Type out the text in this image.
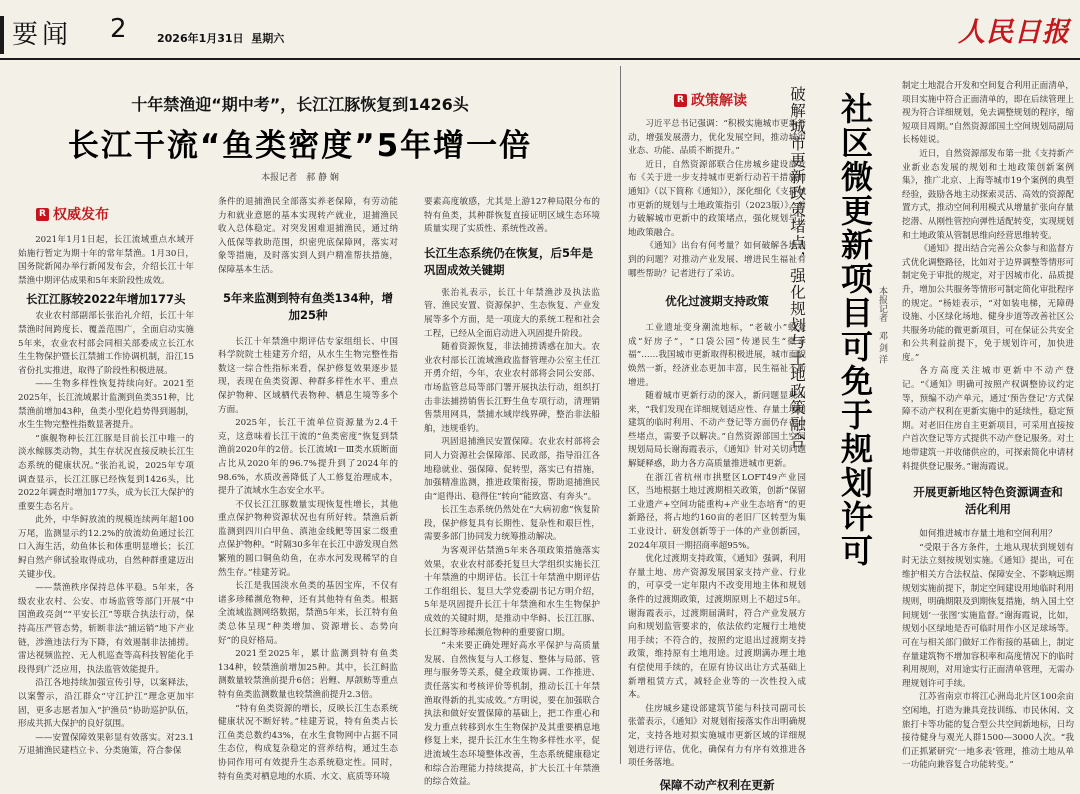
要闻 2	2026年1月31日 星期六	人民日报
十年禁渔迎“期中考”，长江江豚恢复到1426头
长江干流“鱼类密度”5年增一倍
本报记者　郝 静 娴
R 权威发布

2021年1月1日起，长江流域重点水域开始施行暂定为期十年的常年禁渔。1月30日，国务院新闻办举行新闻发布会，介绍长江十年禁渔中期评估成果和5年来阶段性成效。

长江江豚较2022年增加177头

农业农村部副部长张治礼介绍，长江十年禁渔时间跨度长、覆盖范围广，全面启动实施5年来，农业农村部会同相关部委成立长江水生生物保护暨长江禁捕工作协调机制，沿江15省份扎实推进，取得了阶段性积极进展。

——生物多样性恢复持续向好。2021至2025年，长江流域累计监测到鱼类351种，比禁渔前增加43种，鱼类小型化趋势得到遏制，水生生物完整性指数显著提升。

“旗舰物种长江江豚是目前长江中唯一的淡水鲸豚类动物，其生存状况直接反映长江生态系统的健康状况。”张治礼说，2025年专项调查显示，长江江豚已经恢复到1426头，比2022年调查时增加177头，成为长江大保护的重要生态名片。

此外，中华鲟放流的规模连续两年超100万尾，监测显示约12.2%的放流幼鱼通过长江口入海生活，幼鱼体长和体重明显增长；长江鲟自然产卵试验取得成功，自然种群重建迈出关键步伐。

——禁渔秩序保持总体平稳。5年来，各级农业农村、公安、市场监管等部门开展“中国渔政亮剑”“平安长江”等联合执法行动，保持高压严管态势，斩断非法“捕运销”地下产业链，涉渔违法行为下降，有效遏制非法捕捞。雷达视频监控、无人机巡查等高科技智能化手段得到广泛应用，执法监管效能提升。

沿江各地持续加强宣传引导，以案释法，以案警示，沿江群众“守江护江”理念更加牢固，更多志愿者加入“护渔员”协助巡护队伍，形成共抓大保护的良好氛围。

——安置保障效果彰显有效落实。对23.1万退捕渔民建档立卡、分类施策，符合参保

条件的退捕渔民全部落实养老保障，有劳动能力和就业意愿的基本实现转产就业，退捕渔民收入总体稳定。对突发困难退捕渔民，通过纳入低保等救助范围，织密兜底保障网，落实对象等措施，及时落实到人到户精准帮扶措施，保障基本生活。

5年来监测到特有鱼类134种，增加25种

长江十年禁渔中期评估专家组组长、中国科学院院士桂建芳介绍，从水生生物完整性指数这一综合性指标来看，保护修复效果逐步显现，表现在鱼类资源、种群多样性水平、重点保护物种、区域栖代表物种、栖息生境等多个方面。

2025年，长江干流单位资源量为2.4千克，这意味着长江干流的“鱼类密度”恢复到禁渔前2020年的2倍。长江流域Ⅰ－Ⅲ类水质断面占比从2020年的96.7%提升到了2024年的98.6%，水质改善降低了人工修复治理成本，提升了流域水生态安全水平。

不仅长江江豚数量实现恢复性增长，其他重点保护物种资源状况也有所好转。禁渔后新监测到四川白甲鱼、滇池金线鲃等国家二级重点保护物种。“时隔30多年在长江中游发现自然繁殖的圆口铜鱼幼鱼，在赤水河发现稀罕的自然生存。”桂建芳说。

长江是我国淡水鱼类的基因宝库，不仅有诸多珍稀濒危物种，还有其他特有鱼类。根据全流域监测网络数据，禁渔5年来，长江特有鱼类总体呈现“种类增加、资源增长、态势向好”的良好格局。

2021至2025年，累计监测到特有鱼类134种，较禁渔前增加25种。其中，长江鲟监测数量较禁渔前提升6倍；岩鲤、厚颌鲂等重点特有鱼类监测数量也较禁渔前提升2.3倍。

“特有鱼类资源的增长，反映长江生态系统健康状况不断好转。”桂建芳说，特有鱼类占长江鱼类总数约43%，在水生食物网中占据不同生态位，构成复杂稳定的营养结构，通过生态协同作用可有效提升生态系统稳定性。同时，特有鱼类对栖息地的水质、水文、底质等环境

要素高度敏感，尤其是上游127种局限分布的特有鱼类，其种群恢复直接证明区域生态环境质量实现了实质性、系统性改善。

长江生态系统仍在恢复，后5年是巩固成效关键期

张治礼表示，长江十年禁渔涉及执法监管、渔民安置、资源保护、生态恢复、产业发展等多个方面，是一项庞大的系统工程和社会工程，已经从全面启动进入巩固提升阶段。

随着资源恢复，非法捕捞诱惑在加大。农业农村部长江流域渔政监督管理办公室主任江开勇介绍，今年，农业农村部将会同公安部、市场监管总局等部门署开展执法行动，组织打击非法捕捞销售长江野生鱼专项行动，清理销售禁用网具，禁捕水域岸线界碑，整治非法船舶，违规垂钓。

巩固退捕渔民安置保障。农业农村部将会同人力资源社会保障部、民政部，指导沿江各地稳就业、强保障、促转型，落实已有措施，加强精准监测，推进政策衔接，帮助退捕渔民由“退得出、稳得住”转向“能致富、有奔头”。

长江生态系统仍然处在“大病初愈”恢复阶段，保护修复具有长期性、复杂性和艰巨性，需要多部门协同发力统筹推动解决。

为客观评估禁渔5年来各项政策措施落实效果，农业农村部委托复旦大学组织实施长江十年禁渔的中期评估。长江十年禁渔中期评估工作组组长、复旦大学党委副书记方明介绍，5年是巩固提升长江十年禁渔和水生生物保护成效的关键时期，是推动中华鲟、长江江豚、长江鲟等珍稀濒危物种的重要窗口期。

“未来要正确处理好高水平保护与高质量发展、自然恢复与人工修复、整体与局部、管理与服务等关系，健全政策协调、工作推进、责任落实和考核评价等机制，推动长江十年禁渔取得新的扎实成效。”方明说，要在加强联合执法和做好安置保障的基础上，把工作重心和发力重点转移到水生生物保护及其重要栖息地修复上来，提升长江水生生物多样性水平，促进流域生态环境整体改善，生态系统健康稳定和综合治理能力持续提高，扩大长江十年禁渔的综合效益。

R 政策解读	破解城市更新政策堵点，强化规划与土地政策融合 社区微更新项目可免于规划许可 本报记者　邓 剑 洋

习近平总书记强调：“积极实施城市更新行动，增强发展潜力，优化发展空间，推动城市业态、功能、品质不断提升。”

近日，自然资源部联合住房城乡建设部发布《关于进一步支持城市更新行动若干措施的通知》（以下简称《通知》），深化细化《支持城市更新的规划与土地政策指引（2023版）》，着力破解城市更新中的政策堵点，强化规划与土地政策融合。

《通知》出台有何考量？如何破解各地遇到的问题？对推动产业发展、增进民生福祉有哪些帮助？记者进行了采访。

优化过渡期支持政策

工业遗址变身潮流地标，“老破小”蜕变成“好房子”，“口袋公园”传递民生“微幸福”……我国城市更新取得积极进展，城市面貌焕然一新，经济业态更加丰富，民生福祉不断增进。

随着城市更新行动的深入，新问题显现出来，“我们发现在详细规划适应性、存量土地和建筑的临时利用、不动产登记等方面仍存在一些堵点，需要予以解决。”自然资源部国土空间规划局局长谢海霞表示，《通知》针对关切问题解疑释惑，助力各方高质量推进城市更新。

在浙江省杭州市拱墅区LOFT49产业园区，当地根据土地过渡期相关政策，创新“保留工业遗产+空间功能重构+产业生态培育”的更新路径，将占地约160亩的老旧厂区转型为集工业设计、研发创新等于一体的产业创新园，2024年项目一期招商率超95%。

优化过渡期支持政策，《通知》强调，利用存量土地、房产资源发展国家支持产业、行业的，可享受一定年限内不改变用地主体和规划条件的过渡期政策，过渡期原则上不超过5年。谢海霞表示，过渡期届满时，符合产业发展方向和规划监管要求的，依法依约定履行土地使用手续；不符合的，按照约定退出过渡期支持政策，维持原有土地用途。过渡期满办理土地有偿使用手续的，在原有协议出让方式基础上新增租赁方式，减轻企业等的一次性投入成本。

住房城乡建设部建筑节能与科技司副司长张蕾表示，《通知》对规划衔接落实作出明确规定，支持各地对拟实施城市更新区域的详细规划进行评估，优化，确保有力有序有效推进各项任务落地。

保障不动产权利在更新

制定土地混合开发和空间复合利用正面清单，项目实施中符合正面清单的，即在后续管理上视为符合详细规划，免去调整规划的程序，缩短项目周期。”自然资源部国土空间规划局副局长杨娃说。

近日，自然资源部发布第一批《支持新产业新业态发展的规划和土地政策创新案例集》，推广北京、上海等城市19个案例的典型经验，鼓励各地主动探索灵活、高效的资源配置方式，推动空间利用模式从增量扩张向存量挖潜、从刚性管控向弹性适配转变，实现规划和土地政策从管制思维向经营思维转变。

《通知》提出结合完善公众参与和监督方式优化调整路径，比如对于边界调整等情形可制定免于审批的规定，对于因城市化、品质提升，增加公共服务等情形可制定简化审批程序的规定。“杨娃表示，“对如装电梯，无障碍设施、小区绿化场地、健身步道等改善社区公共服务功能的微更新项目，可在保证公共安全和公共利益前提下，免于规划许可，加快进度。”

各方高度关注城市更新中不动产登记。“《通知》明确可按照产权调整协议约定等，预编不动产单元，通过‘预告登记’方式保障不动产权利在更新实施中的延续性，稳定预期。对老旧住房自主更新项目，可采用直接按户首次登记等方式提供不动产登记服务。对土地带建筑一并收储供应的，可探索简化申请材料提供登记服务。”谢海霞说。

开展更新地区特色资源调查和活化利用

如何推进城市存量土地和空间利用？

“受限于各方条件，土地从现状到规划有时无法立刻按规划实施。《通知》提出，可在维护相关方合法权益、保障安全、不影响远期规划实施前提下，制定空间建设用地临时利用规则，明确期限及到期恢复措施，纳入国土空间规划‘一张图’实施监督。”谢海霞说，比如，规划小区绿地是否可临时用作小区足球场等。可在与相关部门做好工作衔接的基础上，制定存量建筑物不增加容积率和高度情况下的临时利用规则，对用途实行正面清单管理，无需办理规划许可手续。

江苏省南京市将江心洲岛北片区100余亩空闲地，打造为兼具竞技训练、市民休闲、文旅打卡等功能的复合型公共空间新地标，日均接待健身与观光人群1500—3000人次。“我们正抓紧研究‘一地多表’管理，推动土地从单一功能向兼容复合功能转变。”
